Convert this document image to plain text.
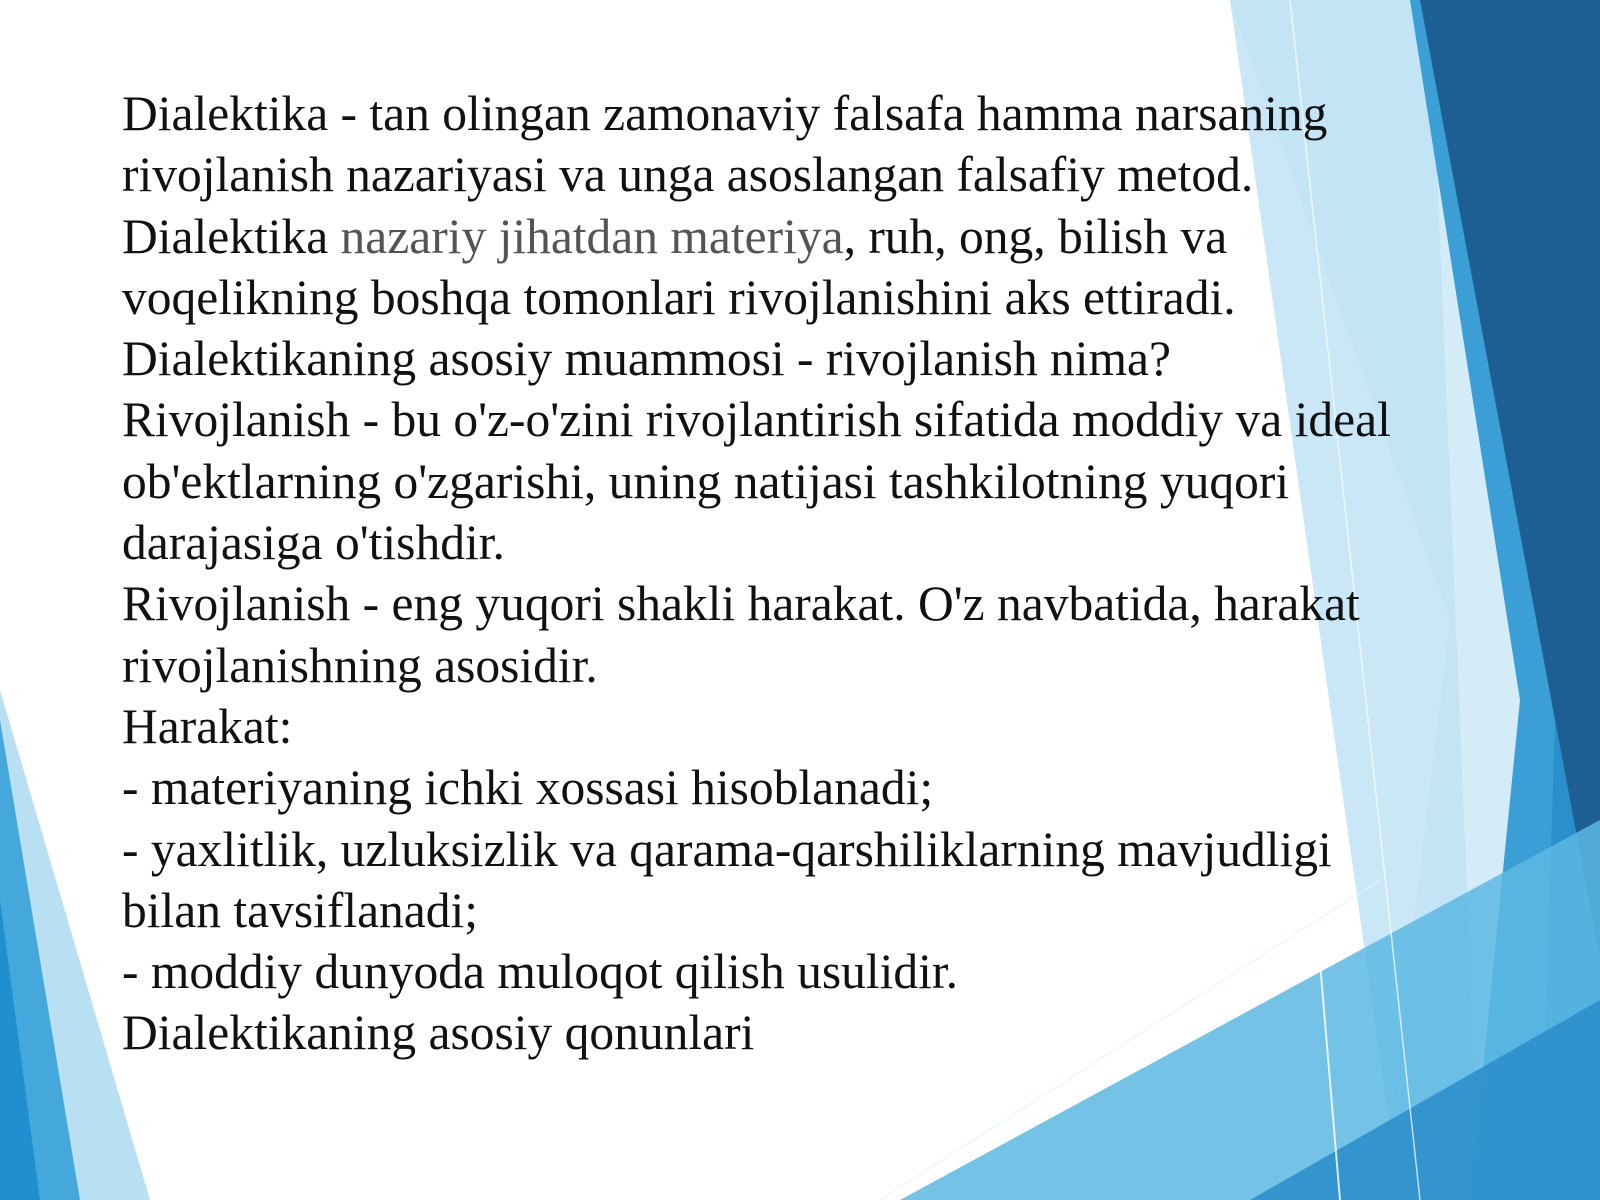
Dialektika - tan olingan zamonaviy falsafa hamma narsaning
rivojlanish nazariyasi va unga asoslangan falsafiy metod.
Dialektika nazariy jihatdan materiya, ruh, ong, bilish va
voqelikning boshqa tomonlari rivojlanishini aks ettiradi.
Dialektikaning asosiy muammosi - rivojlanish nima?
Rivojlanish - bu o'z-o'zini rivojlantirish sifatida moddiy va ideal
ob'ektlarning o'zgarishi, uning natijasi tashkilotning yuqori
darajasiga o'tishdir.
Rivojlanish - eng yuqori shakli harakat. O'z navbatida, harakat
rivojlanishning asosidir.
Harakat:
- materiyaning ichki xossasi hisoblanadi;
- yaxlitlik, uzluksizlik va qarama-qarshiliklarning mavjudligi
bilan tavsiflanadi;
- moddiy dunyoda muloqot qilish usulidir.
Dialektikaning asosiy qonunlari
